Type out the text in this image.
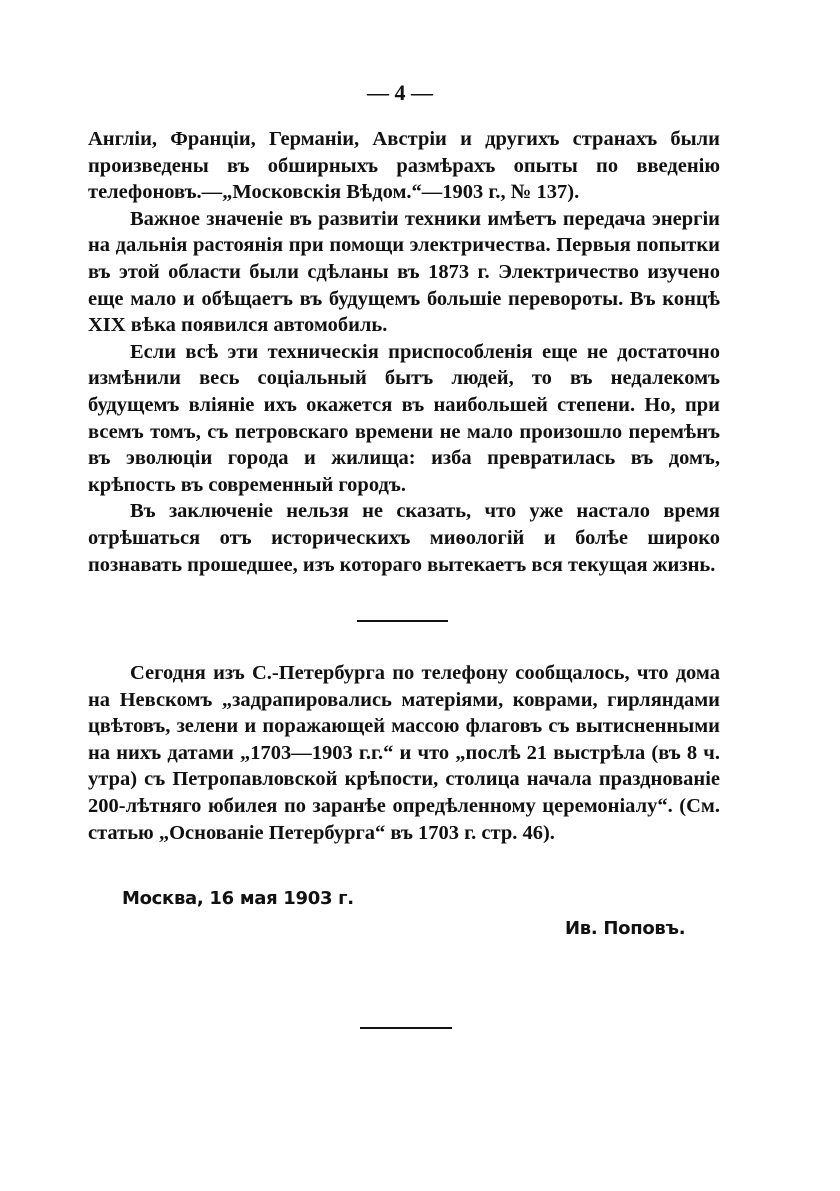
— 4 —

Англіи, Франціи, Германіи, Австріи и другихъ странахъ были произведены въ обширныхъ размѣрахъ опыты по введенію телефоновъ.—„Московскія Вѣдом.“—1903 г., № 137).

Важное значеніе въ развитіи техники имѣетъ передача энергіи на дальнія растоянія при помощи электричества. Первыя попытки въ этой области были сдѣланы въ 1873 г. Электричество изучено еще мало и обѣщаетъ въ будущемъ большіе перевороты. Въ концѣ XIX вѣка появился автомобиль.

Если всѣ эти техническія приспособленія еще не достаточно измѣнили весь соціальный бытъ людей, то въ недалекомъ будущемъ вліяніе ихъ окажется въ наибольшей степени. Но, при всемъ томъ, съ петровскаго времени не мало произошло перемѣнъ въ эволюціи города и жилища: изба превратилась въ домъ, крѣпость въ современный городъ.

Въ заключеніе нельзя не сказать, что уже настало время отрѣшаться отъ историческихъ миѳологій и болѣе широко познавать прошедшее, изъ котораго вытекаетъ вся текущая жизнь.

Сегодня изъ С.-Петербурга по телефону сообщалось, что дома на Невскомъ „задрапировались матеріями, коврами, гирляндами цвѣтовъ, зелени и поражающей массою флаговъ съ вытисненными на нихъ датами „1703—1903 г.г.“ и что „послѣ 21 выстрѣла (въ 8 ч. утра) съ Петропавловской крѣпости, столица начала празднованіе 200-лѣтняго юбилея по заранѣе опредѣленному церемоніалу“. (См. статью „Основаніе Петербурга“ въ 1703 г. стр. 46).

Москва, 16 мая 1903 г.
Ив. Поповъ.
